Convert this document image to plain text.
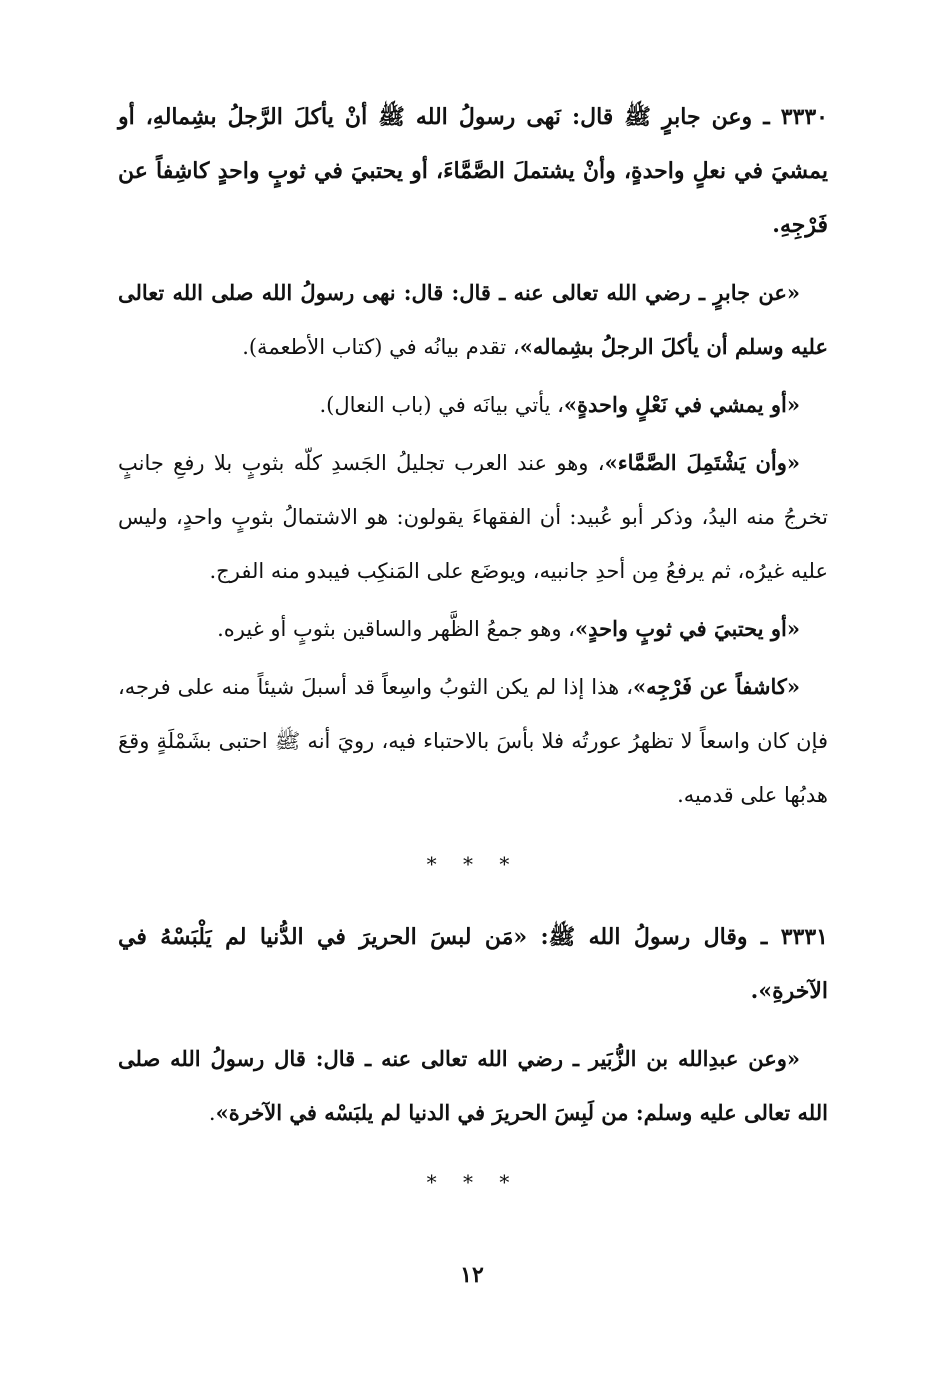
٣٣٣٠ ـ وعن جابرٍ ﷺ قال: نَهى رسولُ الله ﷺ أنْ يأكلَ الرَّجلُ بشِمالهِ، أو يمشيَ في نعلٍ واحدةٍ، وأنْ يشتملَ الصَّمَّاءَ، أو يحتبيَ في ثوبٍ واحدٍ كاشِفاً عن فَرْجِهِ.

«عن جابرٍ ـ رضي الله تعالى عنه ـ قال: قال: نهى رسولُ الله صلى الله تعالى عليه وسلم أن يأكلَ الرجلُ بشِماله»، تقدم بيانُه في (كتاب الأطعمة).

«أو يمشي في نَعْلٍ واحدةٍ»، يأتي بيانَه في (باب النعال).

«وأن يَشْتَمِلَ الصَّمَّاء»، وهو عند العرب تجليلُ الجَسدِ كلّه بثوبٍ بلا رفعِ جانبٍ تخرجُ منه اليدُ، وذكر أبو عُبيد: أن الفقهاءَ يقولون: هو الاشتمالُ بثوبٍ واحدٍ، وليس عليه غيرُه، ثم يرفعُ مِن أحدِ جانبيه، ويوضَع على المَنكِب فيبدو منه الفرج.

«أو يحتبيَ في ثوبٍ واحدٍ»، وهو جمعُ الظَّهر والساقين بثوبٍ أو غيره.

«كاشفاً عن فَرْجِه»، هذا إذا لم يكن الثوبُ واسِعاً قد أسبلَ شيئاً منه على فرجه، فإن كان واسعاً لا تظهرُ عورتُه فلا بأسَ بالاحتباء فيه، رويَ أنه ﷺ احتبى بشَمْلَةٍ وقعَ هدبُها على قدميه.

* * *

٣٣٣١ ـ وقال رسولُ الله ﷺ: «مَن لبسَ الحريرَ في الدُّنيا لم يَلْبَسْهُ في الآخرةِ».

«وعن عبدِالله بن الزُّبَير ـ رضي الله تعالى عنه ـ قال: قال رسولُ الله صلى الله تعالى عليه وسلم: من لَبِسَ الحريرَ في الدنيا لم يلبَسْه في الآخرة».

* * *
١٢
